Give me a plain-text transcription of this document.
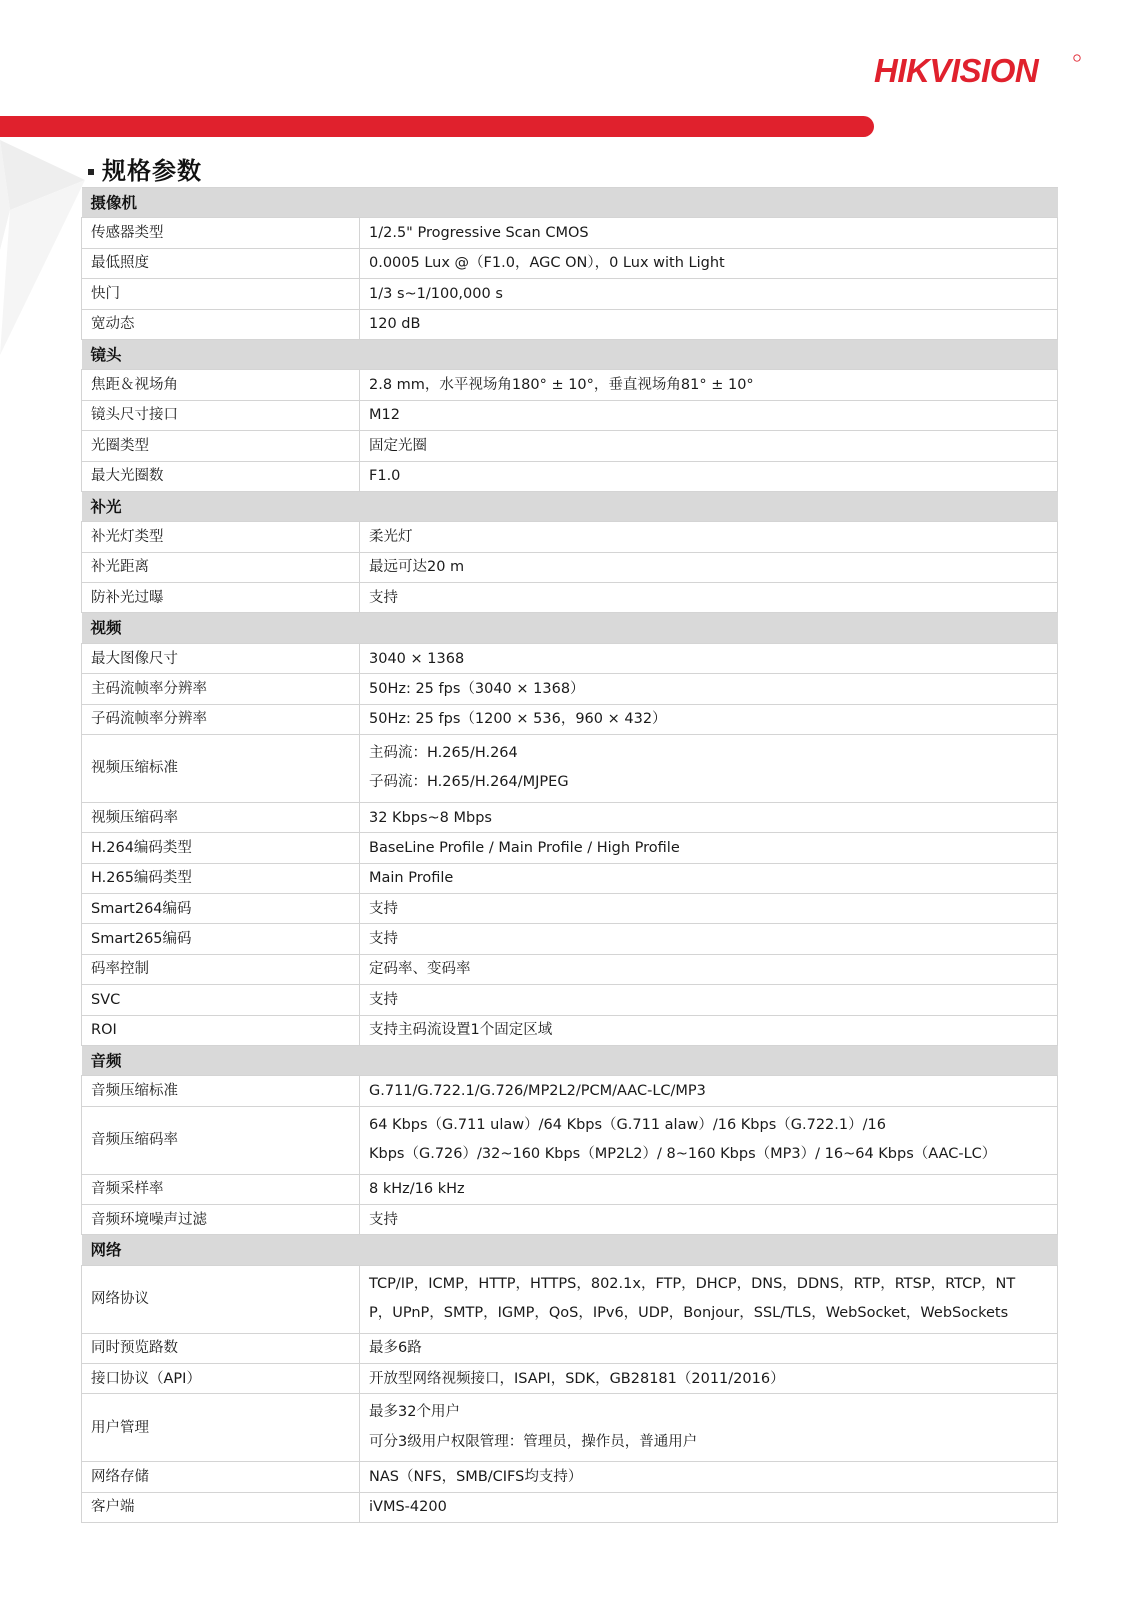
HIKVISION
规格参数
摄像机	
传感器类型	1/2.5" Progressive Scan CMOS
最低照度	0.0005 Lux @（F1.0，AGC ON），0 Lux with Light
快门	1/3 s~1/100,000 s
宽动态	120 dB
镜头	
焦距＆视场角	2.8 mm，水平视场角180° ± 10°，垂直视场角81° ± 10°
镜头尺寸接口	M12
光圈类型	固定光圈
最大光圈数	F1.0
补光	
补光灯类型	柔光灯
补光距离	最远可达20 m
防补光过曝	支持
视频	
最大图像尺寸	3040 × 1368
主码流帧率分辨率	50Hz: 25 fps（3040 × 1368）
子码流帧率分辨率	50Hz: 25 fps（1200 × 536，960 × 432）
视频压缩标准	主码流：H.265/H.264
子码流：H.265/H.264/MJPEG

视频压缩码率	32 Kbps~8 Mbps
H.264编码类型	BaseLine Profile / Main Profile / High Profile
H.265编码类型	Main Profile
Smart264编码	支持
Smart265编码	支持
码率控制	定码率、变码率
SVC	支持
ROI	支持主码流设置1个固定区域
音频	
音频压缩标准	G.711/G.722.1/G.726/MP2L2/PCM/AAC-LC/MP3
音频压缩码率	64 Kbps（G.711 ulaw）/64 Kbps（G.711 alaw）/16 Kbps（G.722.1）/16
Kbps（G.726）/32~160 Kbps（MP2L2）/ 8~160 Kbps（MP3）/ 16~64 Kbps（AAC-LC）

音频采样率	8 kHz/16 kHz
音频环境噪声过滤	支持
网络	
网络协议	TCP/IP，ICMP，HTTP，HTTPS，802.1x，FTP，DHCP，DNS，DDNS，RTP，RTSP，RTCP，NT
P，UPnP，SMTP，IGMP，QoS，IPv6，UDP，Bonjour，SSL/TLS，WebSocket，WebSockets

同时预览路数	最多6路
接口协议（API）	开放型网络视频接口，ISAPI，SDK，GB28181（2011/2016）
用户管理	最多32个用户
可分3级用户权限管理：管理员，操作员，普通用户

网络存储	NAS（NFS，SMB/CIFS均支持）
客户端	iVMS-4200
